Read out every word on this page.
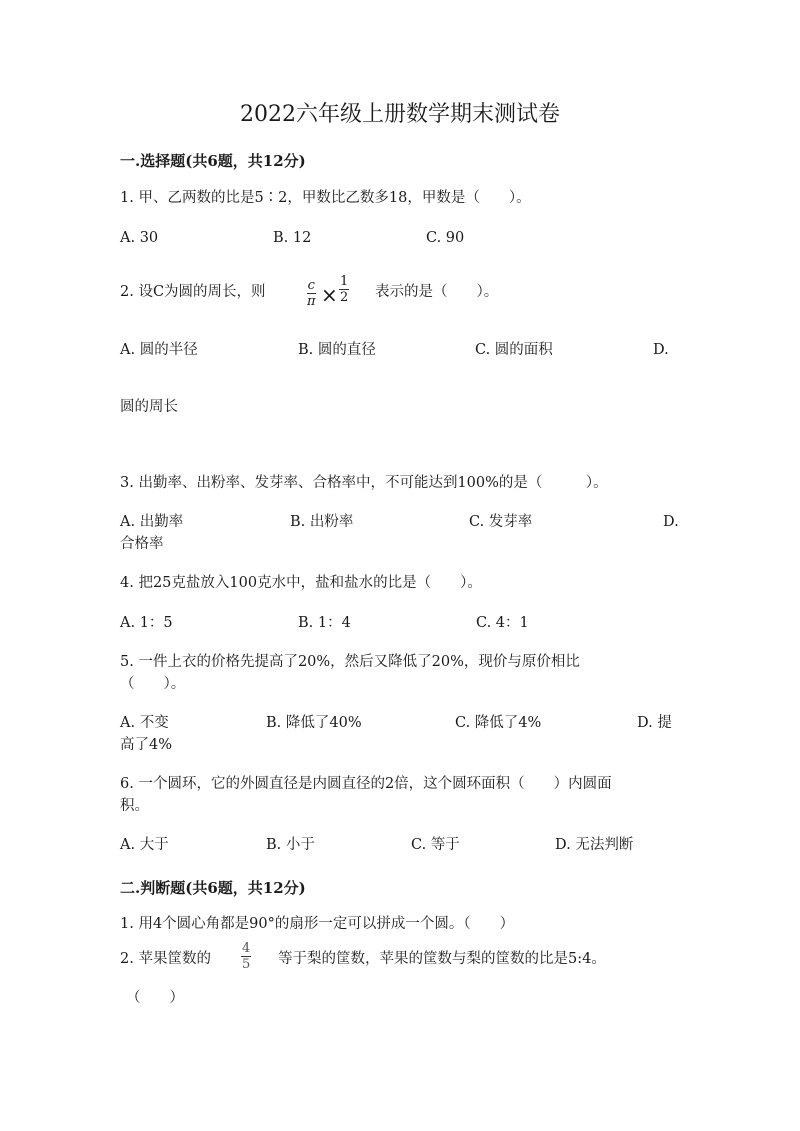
2022六年级上册数学期末测试卷
一.选择题(共6题，共12分)
1. 甲、乙两数的比是5∶2，甲数比乙数多18，甲数是（　　）。
A. 30	B. 12	C. 90
2. 设C为圆的周长，则	$\frac{c}{\pi} \times \frac{1}{2}$ 表示的是（　　）。
A. 圆的半径	B. 圆的直径	C. 圆的面积	D.
圆的周长
3. 出勤率、出粉率、发芽率、合格率中，不可能达到100%的是（　　　）。
A. 出勤率	B. 出粉率	C. 发芽率	D.
合格率
4. 把25克盐放入100克水中，盐和盐水的比是（　　）。
A. 1：5	B. 1：4	C. 4：1
5. 一件上衣的价格先提高了20%，然后又降低了20%，现价与原价相比
（　　）。
A. 不变	B. 降低了40%	C. 降低了4%	D. 提
高了4%
6. 一个圆环，它的外圆直径是内圆直径的2倍，这个圆环面积（　　）内圆面
积。
A. 大于	B. 小于	C. 等于	D. 无法判断
二.判断题(共6题，共12分)
1. 用4个圆心角都是90°的扇形一定可以拼成一个圆。（　　）
2. 苹果筐数的 $\frac{4}{5}$ 等于梨的筐数，苹果的筐数与梨的筐数的比是5:4。
（　　）
